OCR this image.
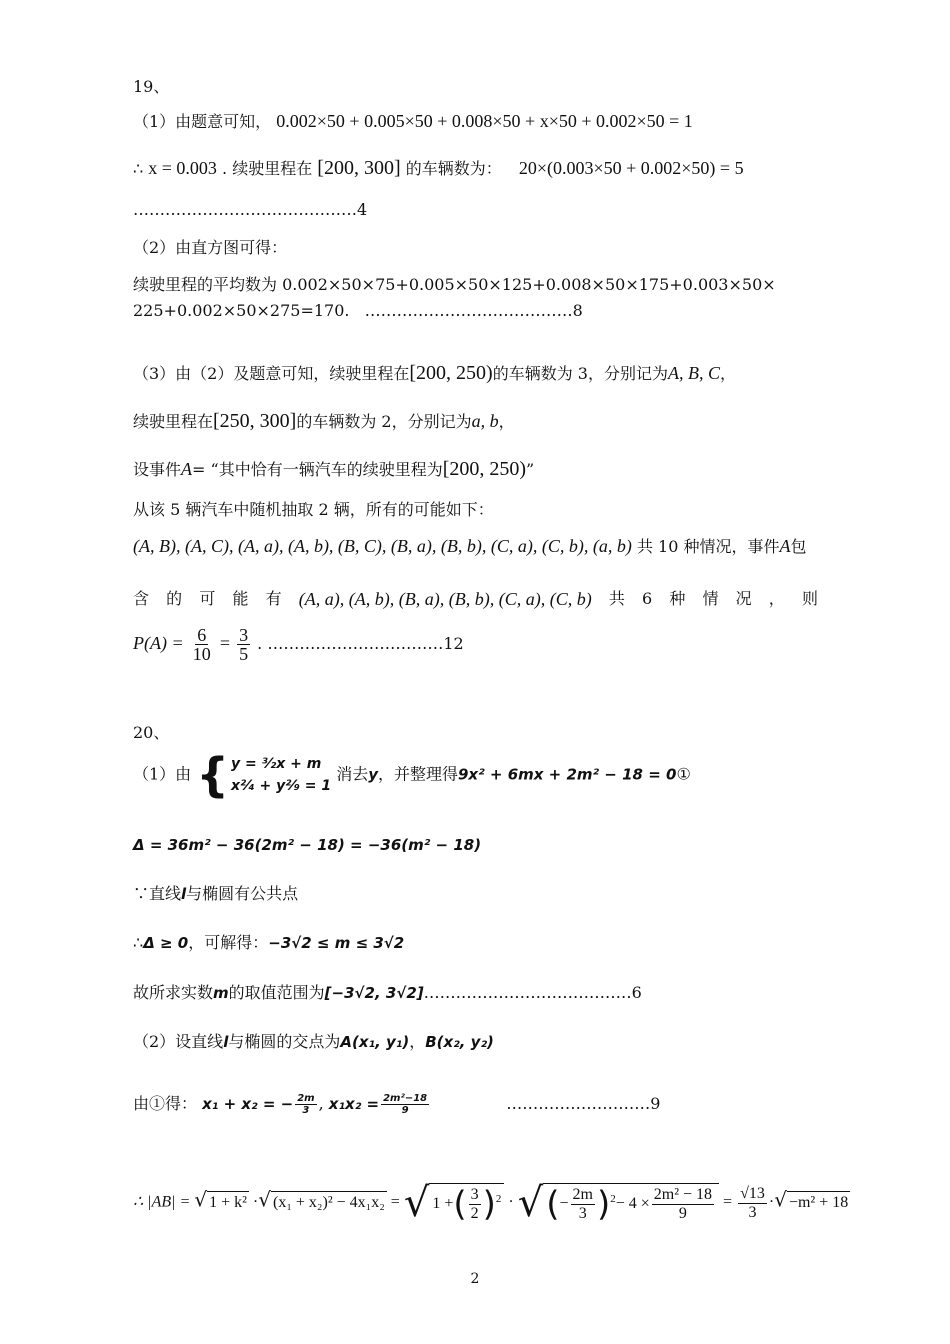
19、
（1）由题意可知， 0.002×50 + 0.005×50 + 0.008×50 + x×50 + 0.002×50 = 1
∴ x = 0.003 . 续驶里程在 [200, 300] 的车辆数为： 20×(0.003×50 + 0.002×50) = 5
……………………………………4
（2）由直方图可得：
续驶里程的平均数为 0.002×50×75+0.005×50×125+0.008×50×175+0.003×50×
225+0.002×50×275=170. …………………………………8
（3）由（2）及题意可知，续驶里程在[200, 250)的车辆数为 3，分别记为A, B, C，
续驶里程在[250, 300]的车辆数为 2，分别记为a, b，
设事件A= “其中恰有一辆汽车的续驶里程为[200, 250)”
从该 5 辆汽车中随机抽取 2 辆，所有的可能如下：
(A, B), (A, C), (A, a), (A, b), (B, C), (B, a), (B, b), (C, a), (C, b), (a, b) 共 10 种情况，事件A包
含 的 可 能 有 (A, a), (A, b), (B, a), (B, b), (C, a), (C, b) 共 6 种 情 况 ， 则
$P(A) = \frac{6}{10} = \frac{3}{5}$ . ……………………………12
20、
（1）由 { y = ³⁄₂x + m
x²⁄₄ + y²⁄₉ = 1
消去y，并整理得9x² + 6mx + 2m² − 18 = 0①
Δ = 36m² − 36(2m² − 18) = −36(m² − 18)
∵直线l与椭圆有公共点
∴Δ ≥ 0，可解得：−3√2 ≤ m ≤ 3√2
故所求实数m的取值范围为[−3√2, 3√2]…………………………………6
（2）设直线l与椭圆的交点为A(x₁, y₁)，B(x₂, y₂)
由①得： x₁ + x₂ = − $\frac{2m}{3}$ , $x_1x_2 = \frac{\text{2m²−18}}{9}$	………………………9
∴ |AB| = √ 1 + k² ·√ (x₁ + x₂)² − 4x₁x₂ = √ 1 +( $\frac{3}{2} )^2$ · √(− $\frac{2m}{3} )^2- 4 \times \frac{\text{2m² − 18}}{9} = \frac{√13}{3}$ ·√ −m² + 18
2
